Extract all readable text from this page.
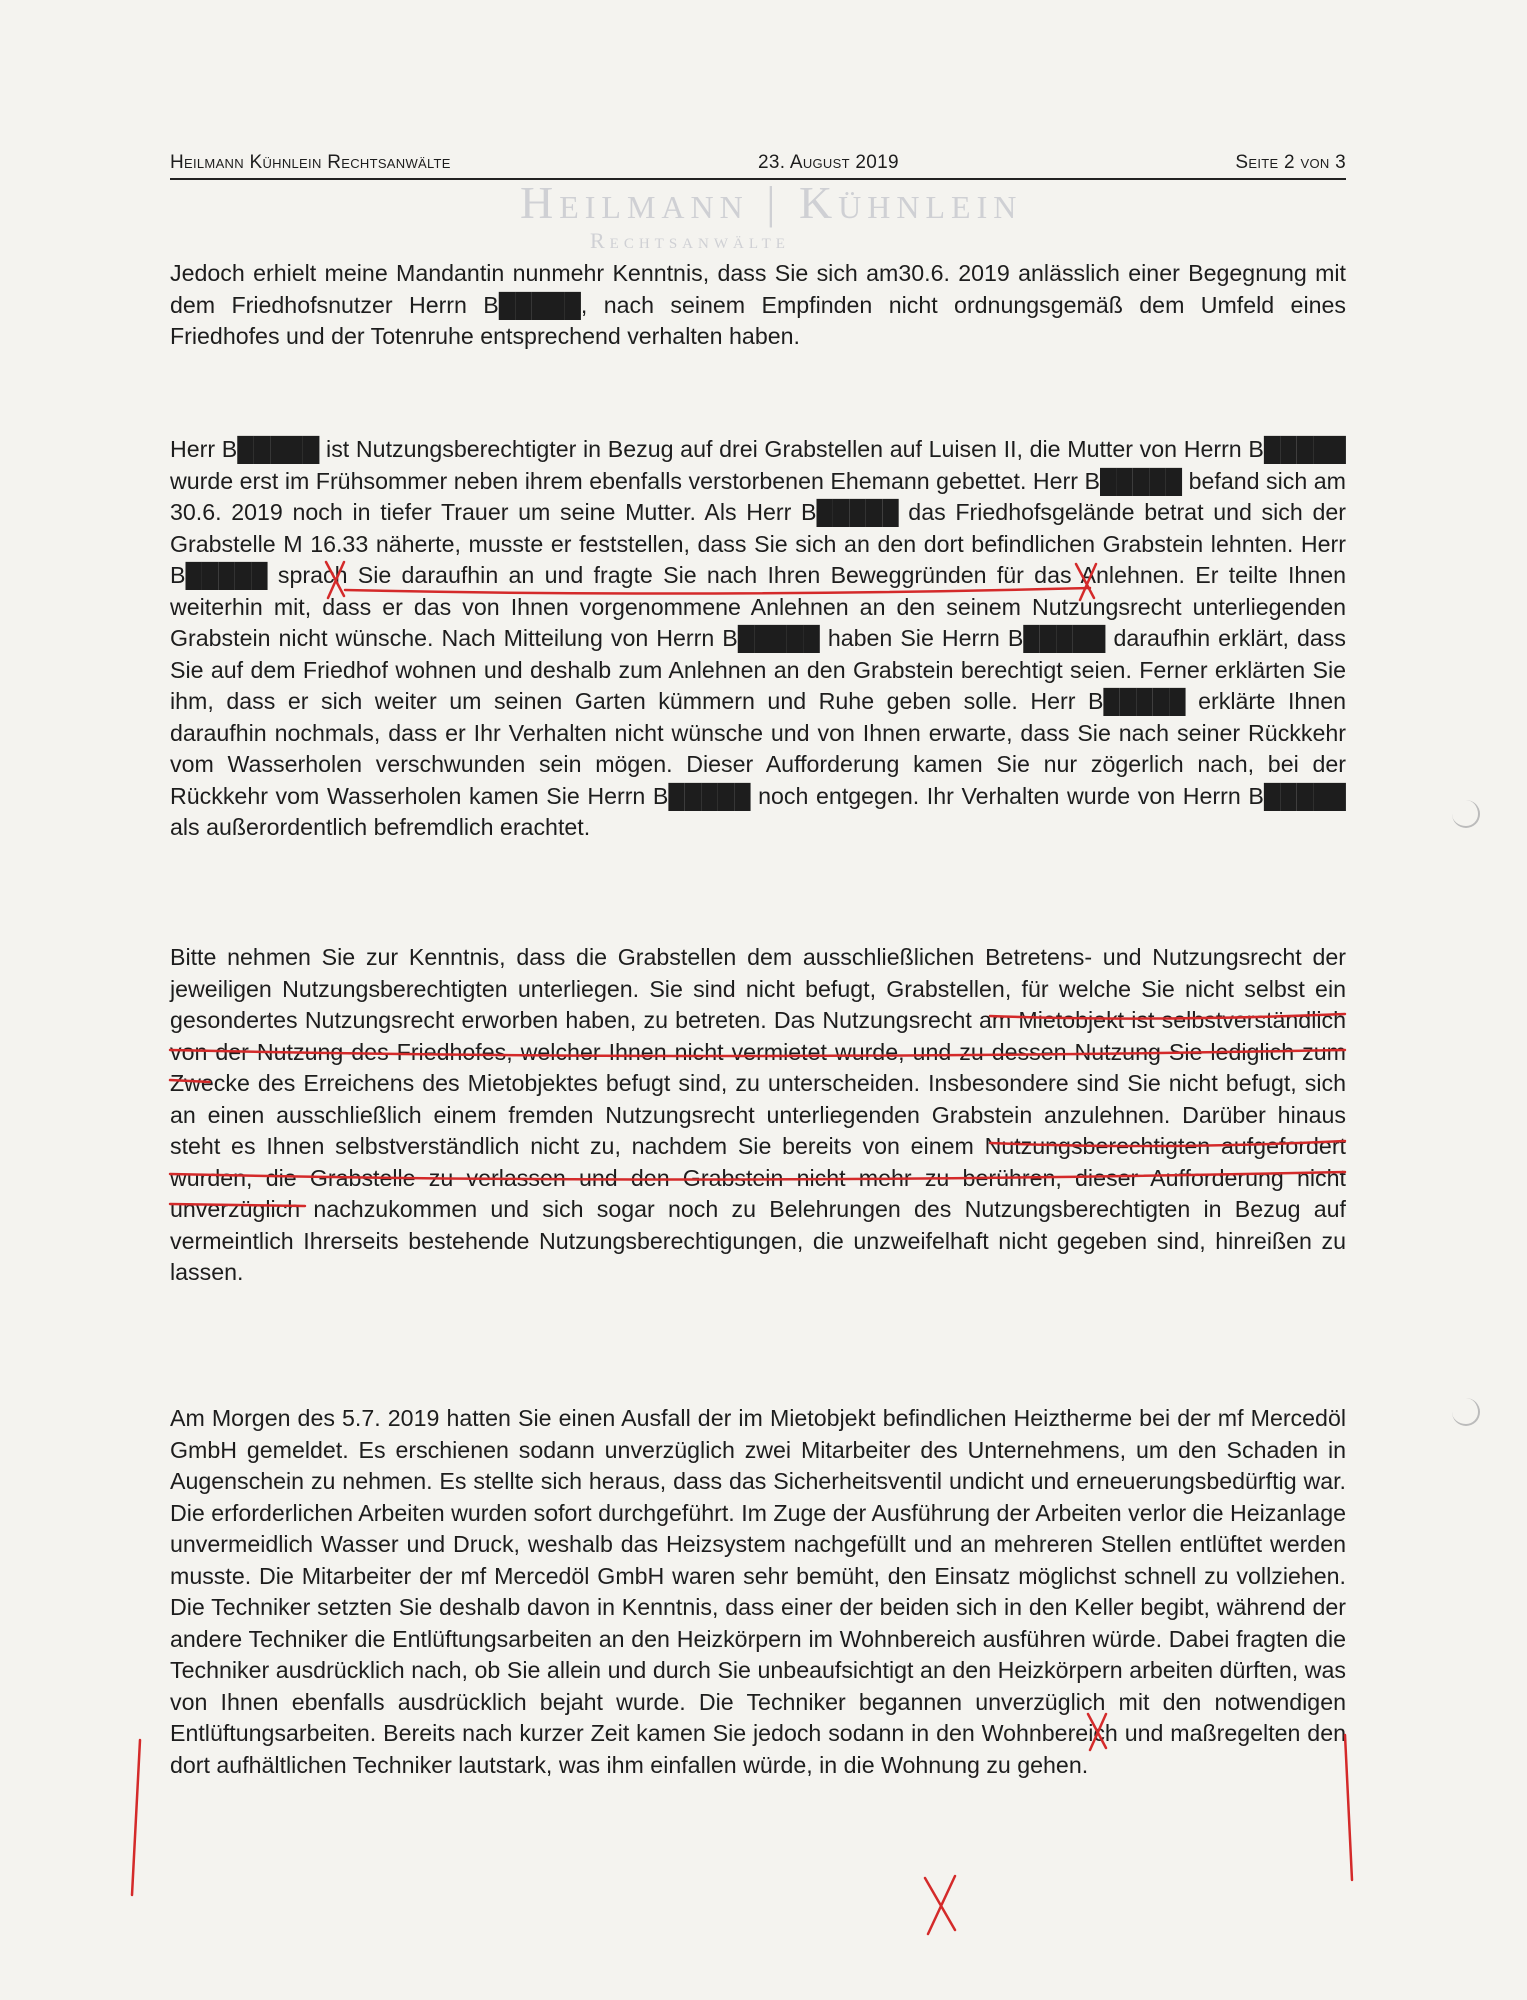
Heilmann | Kühnlein
Rechtsanwälte
Heilmann Kühnlein Rechtsanwälte	23. August 2019	Seite 2 von 3

Jedoch erhielt meine Mandantin nunmehr Kenntnis, dass Sie sich am30.6. 2019 anlässlich einer Begegnung mit dem Friedhofsnutzer Herrn B█████, nach seinem Empfinden nicht ordnungsgemäß dem Umfeld eines Friedhofes und der Totenruhe entsprechend verhalten haben.

Herr B█████ ist Nutzungsberechtigter in Bezug auf drei Grabstellen auf Luisen II, die Mutter von Herrn B█████ wurde erst im Frühsommer neben ihrem ebenfalls verstorbenen Ehemann gebettet. Herr B█████ befand sich am 30.6. 2019 noch in tiefer Trauer um seine Mutter. Als Herr B█████ das Friedhofsgelände betrat und sich der Grabstelle M 16.33 näherte, musste er feststellen, dass Sie sich an den dort befindlichen Grabstein lehnten. Herr B█████ sprach Sie daraufhin an und fragte Sie nach Ihren Beweggründen für das Anlehnen. Er teilte Ihnen weiterhin mit, dass er das von Ihnen vorgenommene Anlehnen an den seinem Nutzungsrecht unterliegenden Grabstein nicht wünsche. Nach Mitteilung von Herrn B█████ haben Sie Herrn B█████ daraufhin erklärt, dass Sie auf dem Friedhof wohnen und deshalb zum Anlehnen an den Grabstein berechtigt seien. Ferner erklärten Sie ihm, dass er sich weiter um seinen Garten kümmern und Ruhe geben solle. Herr B█████ erklärte Ihnen daraufhin nochmals, dass er Ihr Verhalten nicht wünsche und von Ihnen erwarte, dass Sie nach seiner Rückkehr vom Wasserholen verschwunden sein mögen. Dieser Aufforderung kamen Sie nur zögerlich nach, bei der Rückkehr vom Wasserholen kamen Sie Herrn B█████ noch entgegen. Ihr Verhalten wurde von Herrn B█████ als außerordentlich befremdlich erachtet.

Bitte nehmen Sie zur Kenntnis, dass die Grabstellen dem ausschließlichen Betretens- und Nutzungsrecht der jeweiligen Nutzungsberechtigten unterliegen. Sie sind nicht befugt, Grabstellen, für welche Sie nicht selbst ein gesondertes Nutzungsrecht erworben haben, zu betreten. Das Nutzungsrecht am Mietobjekt ist selbstverständlich von der Nutzung des Friedhofes, welcher Ihnen nicht vermietet wurde, und zu dessen Nutzung Sie lediglich zum Zwecke des Erreichens des Mietobjektes befugt sind, zu unterscheiden. Insbesondere sind Sie nicht befugt, sich an einen ausschließlich einem fremden Nutzungsrecht unterliegenden Grabstein anzulehnen. Darüber hinaus steht es Ihnen selbstverständlich nicht zu, nachdem Sie bereits von einem Nutzungsberechtigten aufgefordert wurden, die Grabstelle zu verlassen und den Grabstein nicht mehr zu berühren, dieser Aufforderung nicht unverzüglich nachzukommen und sich sogar noch zu Belehrungen des Nutzungsberechtigten in Bezug auf vermeintlich Ihrerseits bestehende Nutzungsberechtigungen, die unzweifelhaft nicht gegeben sind, hinreißen zu lassen.

Am Morgen des 5.7. 2019 hatten Sie einen Ausfall der im Mietobjekt befindlichen Heiztherme bei der mf Mercedöl GmbH gemeldet. Es erschienen sodann unverzüglich zwei Mitarbeiter des Unternehmens, um den Schaden in Augenschein zu nehmen. Es stellte sich heraus, dass das Sicherheitsventil undicht und erneuerungsbedürftig war. Die erforderlichen Arbeiten wurden sofort durchgeführt. Im Zuge der Ausführung der Arbeiten verlor die Heizanlage unvermeidlich Wasser und Druck, weshalb das Heizsystem nachgefüllt und an mehreren Stellen entlüftet werden musste. Die Mitarbeiter der mf Mercedöl GmbH waren sehr bemüht, den Einsatz möglichst schnell zu vollziehen. Die Techniker setzten Sie deshalb davon in Kenntnis, dass einer der beiden sich in den Keller begibt, während der andere Techniker die Entlüftungsarbeiten an den Heizkörpern im Wohnbereich ausführen würde. Dabei fragten die Techniker ausdrücklich nach, ob Sie allein und durch Sie unbeaufsichtigt an den Heizkörpern arbeiten dürften, was von Ihnen ebenfalls ausdrücklich bejaht wurde. Die Techniker begannen unverzüglich mit den notwendigen Entlüftungsarbeiten. Bereits nach kurzer Zeit kamen Sie jedoch sodann in den Wohnbereich und maßregelten den dort aufhältlichen Techniker lautstark, was ihm einfallen würde, in die Wohnung zu gehen.
